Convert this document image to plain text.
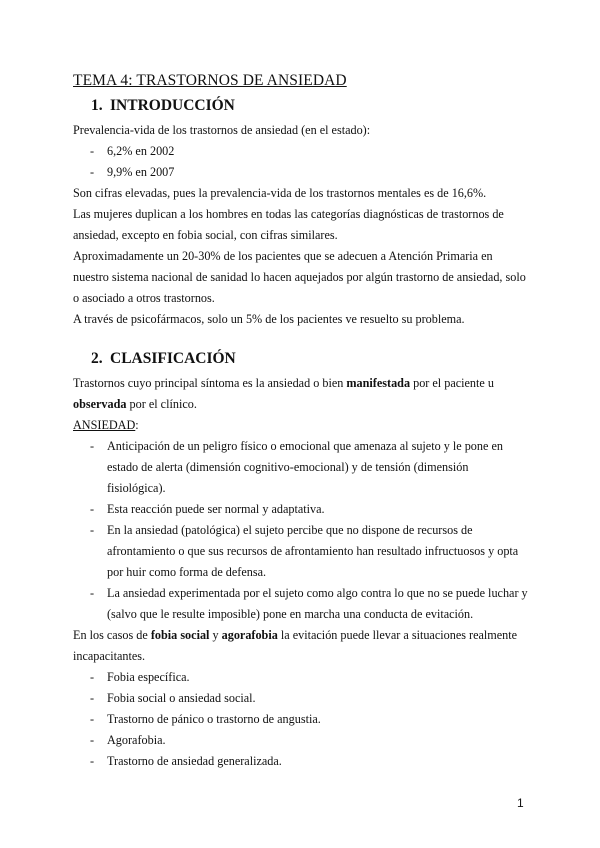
TEMA 4: TRASTORNOS DE ANSIEDAD
1. INTRODUCCIÓN
Prevalencia-vida de los trastornos de ansiedad (en el estado):
- 6,2% en 2002
- 9,9% en 2007
Son cifras elevadas, pues la prevalencia-vida de los trastornos mentales es de 16,6%.
Las mujeres duplican a los hombres en todas las categorías diagnósticas de trastornos de
ansiedad, excepto en fobia social, con cifras similares.
Aproximadamente un 20-30% de los pacientes que se adecuen a Atención Primaria en
nuestro sistema nacional de sanidad lo hacen aquejados por algún trastorno de ansiedad, solo
o asociado a otros trastornos.
A través de psicofármacos, solo un 5% de los pacientes ve resuelto su problema.
2. CLASIFICACIÓN
Trastornos cuyo principal síntoma es la ansiedad o bien manifestada por el paciente u
observada por el clínico.
ANSIEDAD:
- Anticipación de un peligro físico o emocional que amenaza al sujeto y le pone en
estado de alerta (dimensión cognitivo-emocional) y de tensión (dimensión
fisiológica).
- Esta reacción puede ser normal y adaptativa.
- En la ansiedad (patológica) el sujeto percibe que no dispone de recursos de
afrontamiento o que sus recursos de afrontamiento han resultado infructuosos y opta
por huir como forma de defensa.
- La ansiedad experimentada por el sujeto como algo contra lo que no se puede luchar y
(salvo que le resulte imposible) pone en marcha una conducta de evitación.
En los casos de fobia social y agorafobia la evitación puede llevar a situaciones realmente
incapacitantes.
- Fobia específica.
- Fobia social o ansiedad social.
- Trastorno de pánico o trastorno de angustia.
- Agorafobia.
- Trastorno de ansiedad generalizada.
1
